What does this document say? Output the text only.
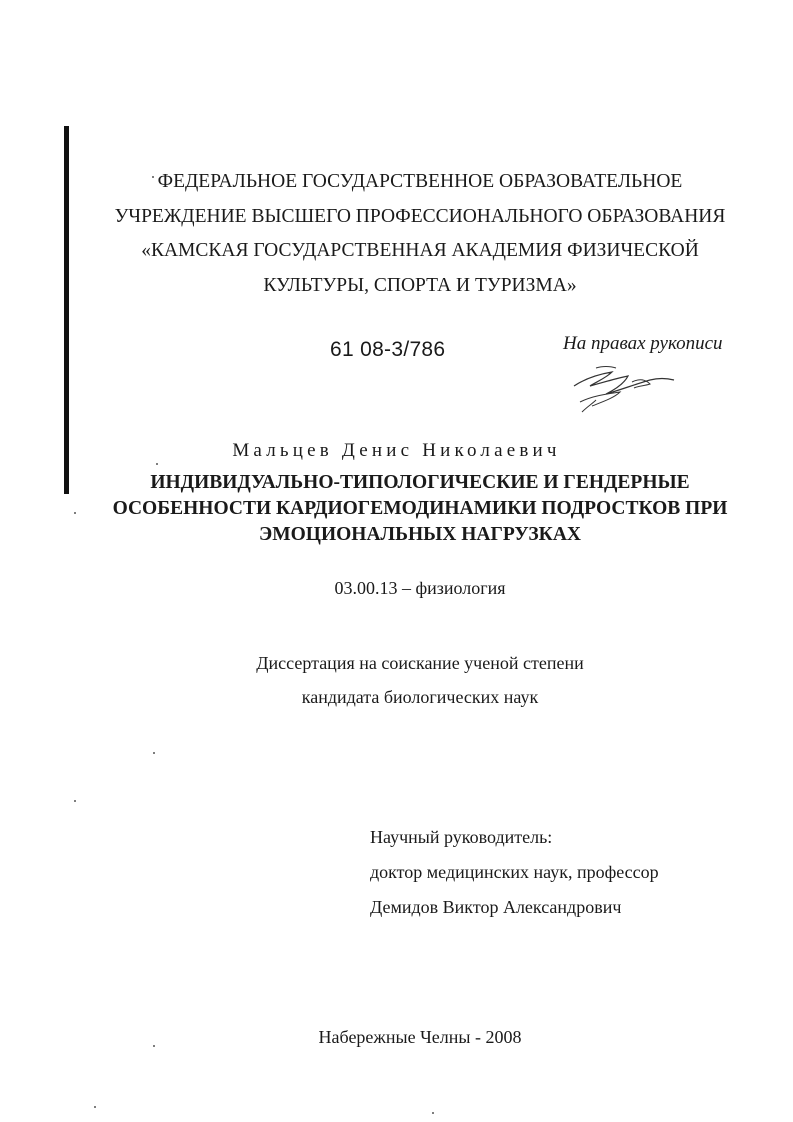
ФЕДЕРАЛЬНОЕ ГОСУДАРСТВЕННОЕ ОБРАЗОВАТЕЛЬНОЕ
УЧРЕЖДЕНИЕ ВЫСШЕГО ПРОФЕССИОНАЛЬНОГО ОБРАЗОВАНИЯ
«КАМСКАЯ ГОСУДАРСТВЕННАЯ АКАДЕМИЯ ФИЗИЧЕСКОЙ
КУЛЬТУРЫ, СПОРТА И ТУРИЗМА»
61 08-3/786	На правах рукописи
Мальцев Денис Николаевич
ИНДИВИДУАЛЬНО-ТИПОЛОГИЧЕСКИЕ И ГЕНДЕРНЫЕ
ОСОБЕННОСТИ КАРДИОГЕМОДИНАМИКИ ПОДРОСТКОВ ПРИ
ЭМОЦИОНАЛЬНЫХ НАГРУЗКАХ
03.00.13 – физиология
Диссертация на соискание ученой степени
кандидата биологических наук
Научный руководитель:
доктор медицинских наук, профессор
Демидов Виктор Александрович
Набережные Челны - 2008
